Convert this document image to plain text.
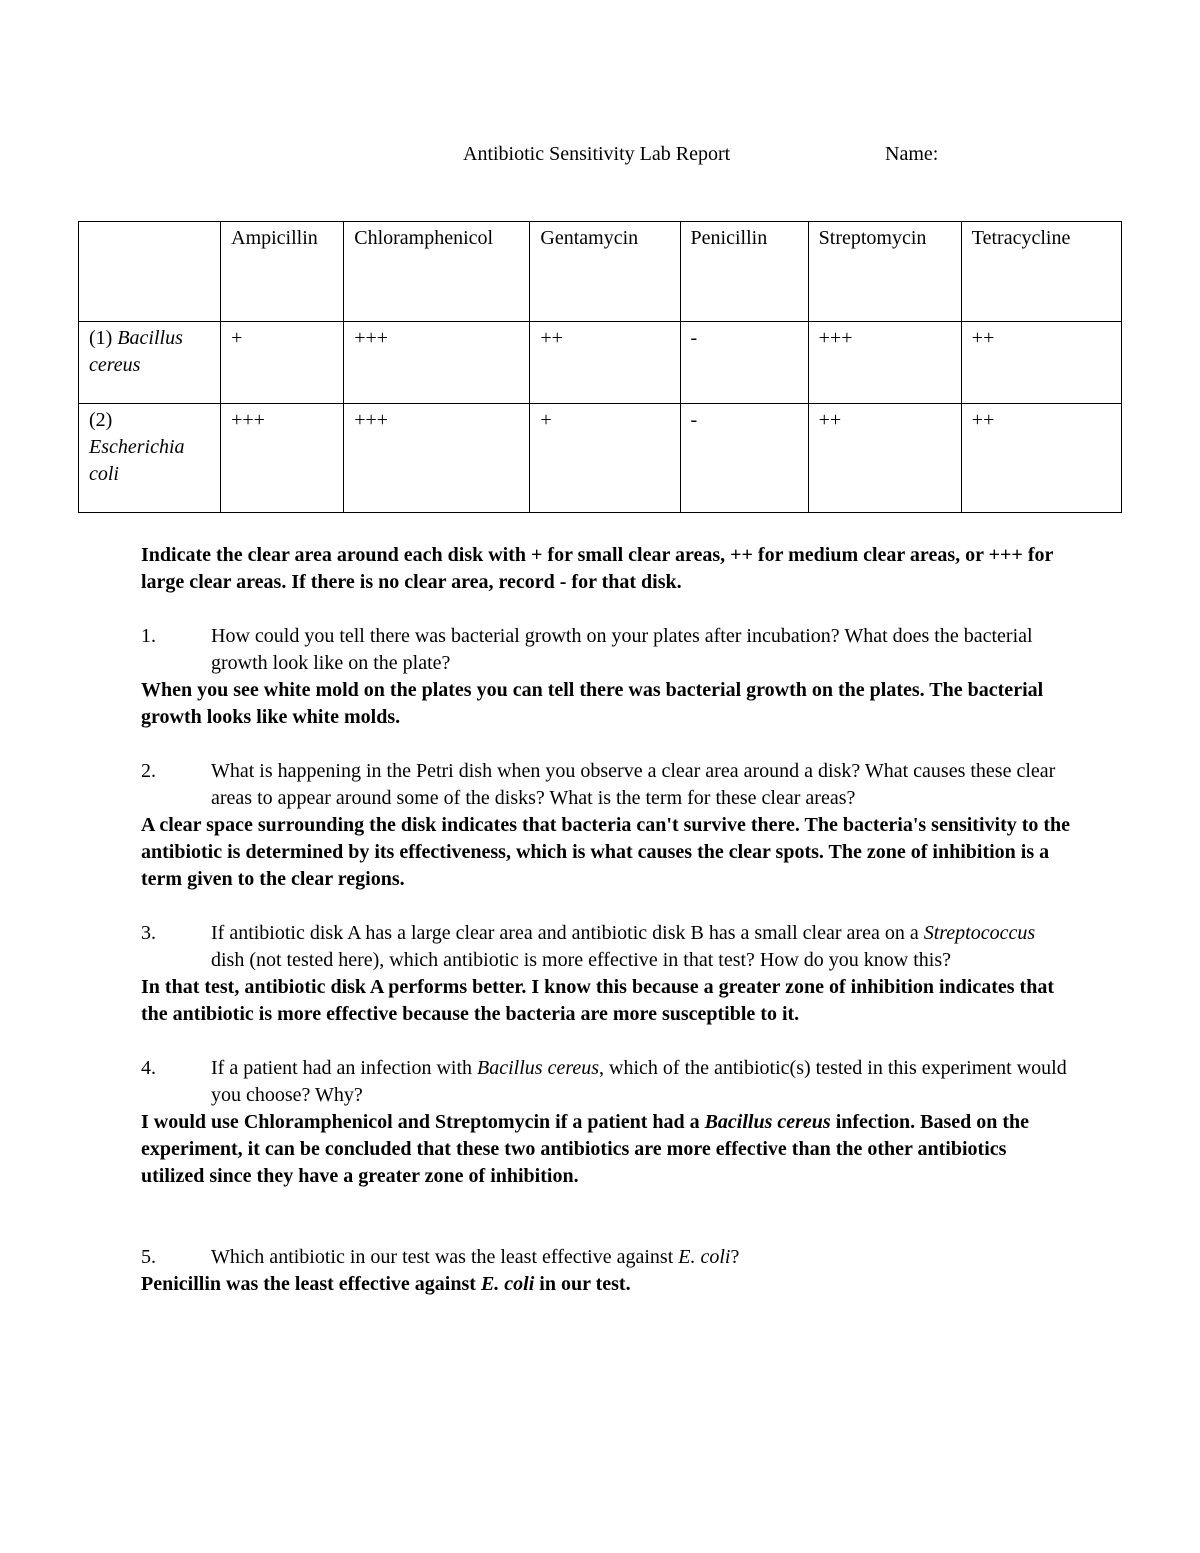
Antibiotic Sensitivity Lab Report	Name:
	Ampicillin	Chloramphenicol	Gentamycin	Penicillin	Streptomycin	Tetracycline
(1) Bacillus cereus	+	+++	++	-	+++	++
(2) Escherichia coli	+++	+++	+	-	++	++

Indicate the clear area around each disk with + for small clear areas, ++ for medium clear areas, or +++ for large clear areas. If there is no clear area, record - for that disk.

1.	How could you tell there was bacterial growth on your plates after incubation? What does the bacterial growth look like on the plate?

When you see white mold on the plates you can tell there was bacterial growth on the plates. The bacterial growth looks like white molds.

2.	What is happening in the Petri dish when you observe a clear area around a disk? What causes these clear areas to appear around some of the disks? What is the term for these clear areas?

A clear space surrounding the disk indicates that bacteria can't survive there. The bacteria's sensitivity to the antibiotic is determined by its effectiveness, which is what causes the clear spots. The zone of inhibition is a term given to the clear regions.

3.	If antibiotic disk A has a large clear area and antibiotic disk B has a small clear area on a Streptococcus dish (not tested here), which antibiotic is more effective in that test? How do you know this?

In that test, antibiotic disk A performs better. I know this because a greater zone of inhibition indicates that the antibiotic is more effective because the bacteria are more susceptible to it.

4.	If a patient had an infection with Bacillus cereus, which of the antibiotic(s) tested in this experiment would you choose? Why?

I would use Chloramphenicol and Streptomycin if a patient had a Bacillus cereus infection. Based on the experiment, it can be concluded that these two antibiotics are more effective than the other antibiotics utilized since they have a greater zone of inhibition.

5.	Which antibiotic in our test was the least effective against E. coli?

Penicillin was the least effective against E. coli in our test.
